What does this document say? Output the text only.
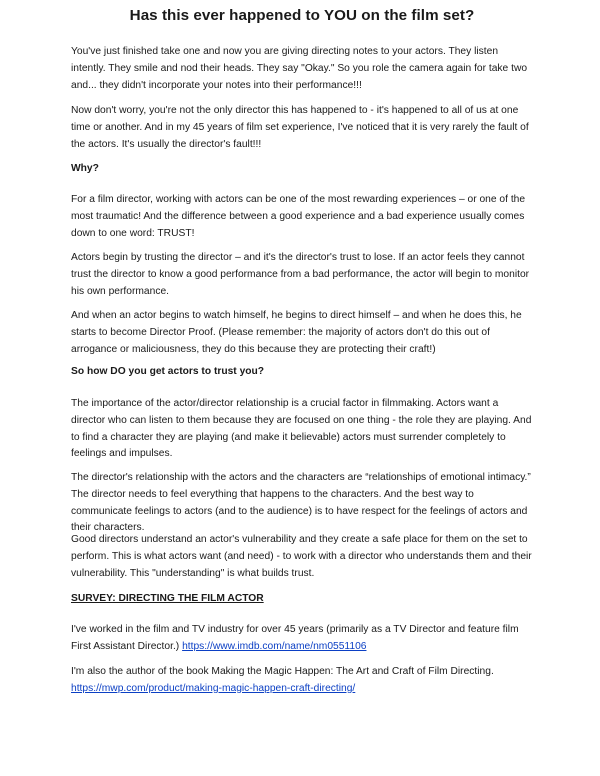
Has this ever happened to YOU on the film set?

You've just finished take one and now you are giving directing notes to your actors. They listen intently. They smile and nod their heads. They say "Okay." So you role the camera again for take two and... they didn't incorporate your notes into their performance!!!

Now don't worry, you're not the only director this has happened to - it's happened to all of us at one time or another. And in my 45 years of film set experience, I've noticed that it is very rarely the fault of the actors. It's usually the director's fault!!!

Why?

For a film director, working with actors can be one of the most rewarding experiences – or one of the most traumatic! And the difference between a good experience and a bad experience usually comes down to one word: TRUST!

Actors begin by trusting the director – and it's the director's trust to lose. If an actor feels they cannot trust the director to know a good performance from a bad performance, the actor will begin to monitor his own performance.

And when an actor begins to watch himself, he begins to direct himself – and when he does this, he starts to become Director Proof. (Please remember: the majority of actors don't do this out of arrogance or maliciousness, they do this because they are protecting their craft!)

So how DO you get actors to trust you?

The importance of the actor/director relationship is a crucial factor in filmmaking. Actors want a director who can listen to them because they are focused on one thing - the role they are playing. And to find a character they are playing (and make it believable) actors must surrender completely to feelings and impulses.

The director's relationship with the actors and the characters are “relationships of emotional intimacy.” The director needs to feel everything that happens to the characters. And the best way to communicate feelings to actors (and to the audience) is to have respect for the feelings of actors and their characters.

Good directors understand an actor's vulnerability and they create a safe place for them on the set to perform. This is what actors want (and need) - to work with a director who understands them and their vulnerability. This "understanding" is what builds trust.

SURVEY: DIRECTING THE FILM ACTOR

I've worked in the film and TV industry for over 45 years (primarily as a TV Director and feature film First Assistant Director.) https://www.imdb.com/name/nm0551106

I'm also the author of the book Making the Magic Happen: The Art and Craft of Film Directing. https://mwp.com/product/making-magic-happen-craft-directing/
